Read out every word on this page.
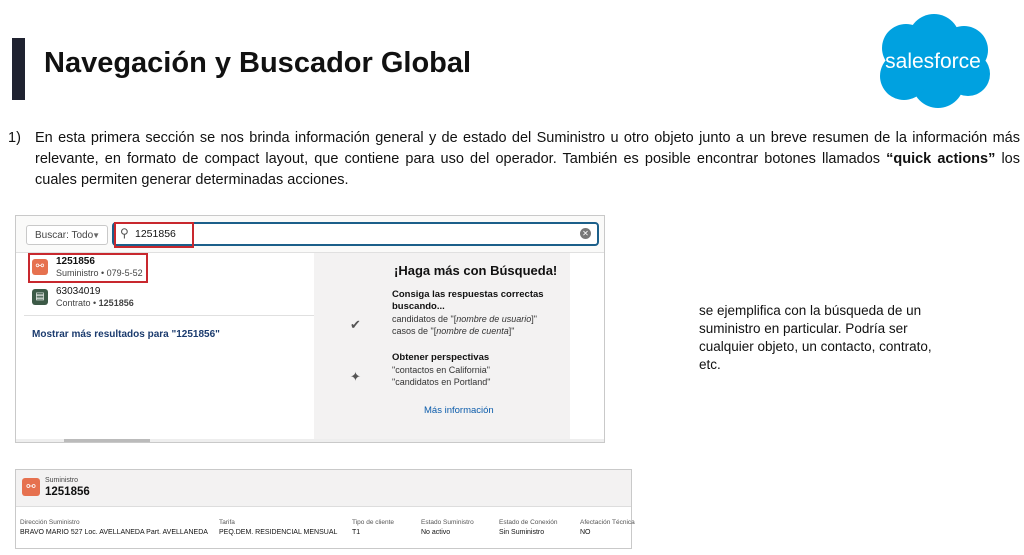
Navegación y Buscador Global	salesforce
1) En esta primera sección se nos brinda información general y de estado del Suministro u otro objeto junto a un breve resumen de la información más relevante, en formato de compact layout, que contiene para uso del operador. También es posible encontrar botones llamados “quick actions” los cuales permiten generar determinadas acciones.
Buscar: Todo
▼ ⚲ 1251856	✕
⚯	1251856
Suministro • 079-5-52
▤	63034019
Contrato • 1251856
Mostrar más resultados para "1251856"
¡Haga más con Búsqueda!
✔
Consiga las respuestas correctas
buscando...
candidatos de "[nombre de usuario]"
casos de "[nombre de cuenta]"
✦
Obtener perspectivas
"contactos en California"
"candidatos en Portland"
Más información
se ejemplifica con la búsqueda de un suministro en particular. Podría ser cualquier objeto, un contacto, contrato, etc.
⚯
Suministro
1251856
Dirección Suministro
BRAVO MARIO 527 Loc. AVELLANEDA Part. AVELLANEDA
Tarifa
PEQ.DEM. RESIDENCIAL MENSUAL
Tipo de cliente
T1
Estado Suministro
No activo
Estado de Conexión
Sin Suministro
Afectación Técnica
NO
